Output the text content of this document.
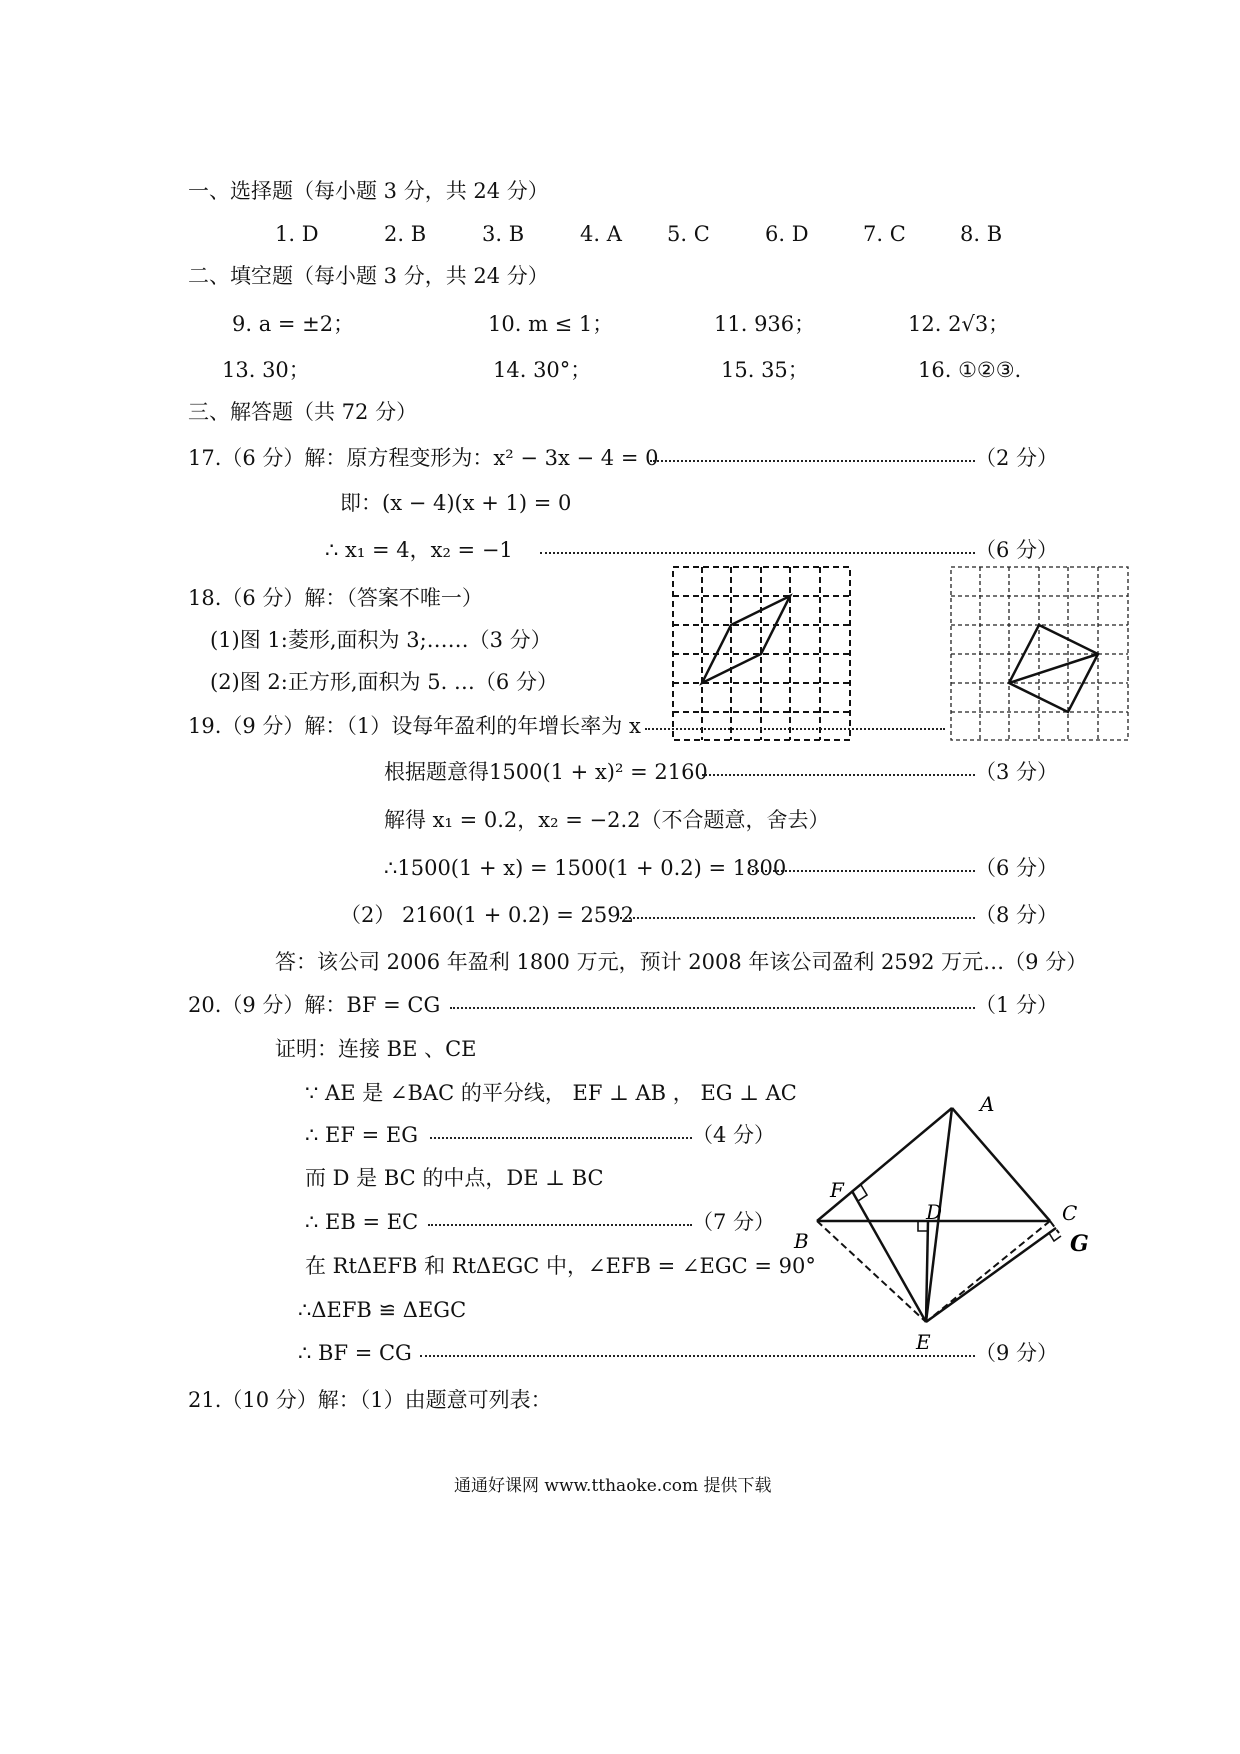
一、选择题（每小题 3 分，共 24 分）
1. D	2. B	3. B	4. A 5. C	6. D	7. C	8. B
二、填空题（每小题 3 分，共 24 分）
9. a = ±2；	10. m ≤ 1；	11. 936；	12. 2√3；
13. 30；	14. 30°；	15. 35；	16. ①②③.
三、解答题（共 72 分）
17.（6 分）解：原方程变形为：x² − 3x − 4 = 0	（2 分）
即：(x − 4)(x + 1) = 0
∴ x₁ = 4，x₂ = −1	（6 分）
18.（6 分）解：（答案不唯一）
(1)图 1:菱形,面积为 3;……（3 分）
(2)图 2:正方形,面积为 5. …（6 分）
19.（9 分）解：（1）设每年盈利的年增长率为 x
根据题意得1500(1 + x)² = 2160	（3 分）
解得 x₁ = 0.2，x₂ = −2.2（不合题意，舍去）
∴1500(1 + x) = 1500(1 + 0.2) = 1800	（6 分）
（2） 2160(1 + 0.2) = 2592	（8 分）
答：该公司 2006 年盈利 1800 万元，预计 2008 年该公司盈利 2592 万元…（9 分）
20.（9 分）解：BF = CG	（1 分）
证明：连接 BE 、CE
∵ AE 是 ∠BAC 的平分线， EF ⊥ AB ， EG ⊥ AC
∴ EF = EG	（4 分）
而 D 是 BC 的中点，DE ⊥ BC
∴ EB = EC	（7 分）
在 RtΔEFB 和 RtΔEGC 中，∠EFB = ∠EGC = 90°
∴ΔEFB ≌ ΔEGC
∴ BF = CG	（9 分）
A
B
C
D
E
F
G
21.（10 分）解：（1）由题意可列表：
通通好课网 www.tthaoke.com 提供下载
